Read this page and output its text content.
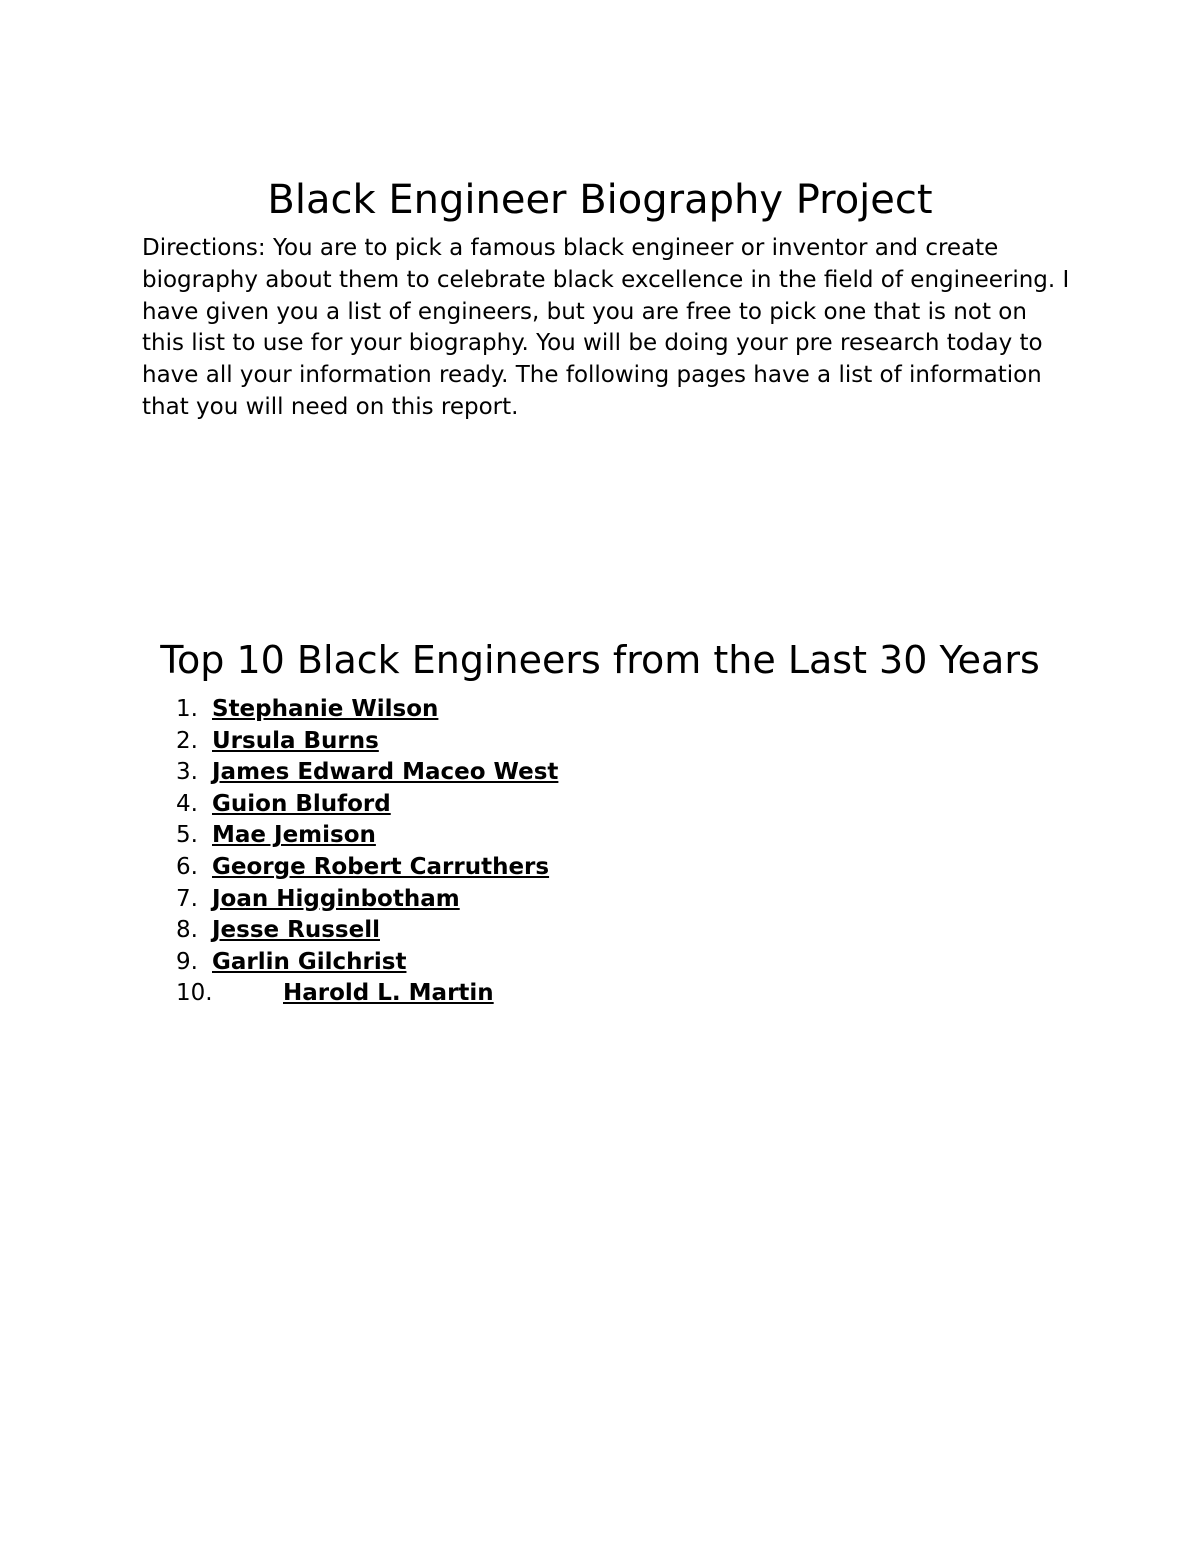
Black Engineer Biography Project

Directions: You are to pick a famous black engineer or inventor and create biography about them to celebrate black excellence in the field of engineering. I have given you a list of engineers, but you are free to pick one that is not on this list to use for your biography. You will be doing your pre research today to have all your information ready. The following pages have a list of information that you will need on this report.

Top 10 Black Engineers from the Last 30 Years
1. Stephanie Wilson
2. Ursula Burns
3. James Edward Maceo West
4. Guion Bluford
5. Mae Jemison
6. George Robert Carruthers
7. Joan Higginbotham
8. Jesse Russell
9. Garlin Gilchrist
10.	Harold L. Martin
